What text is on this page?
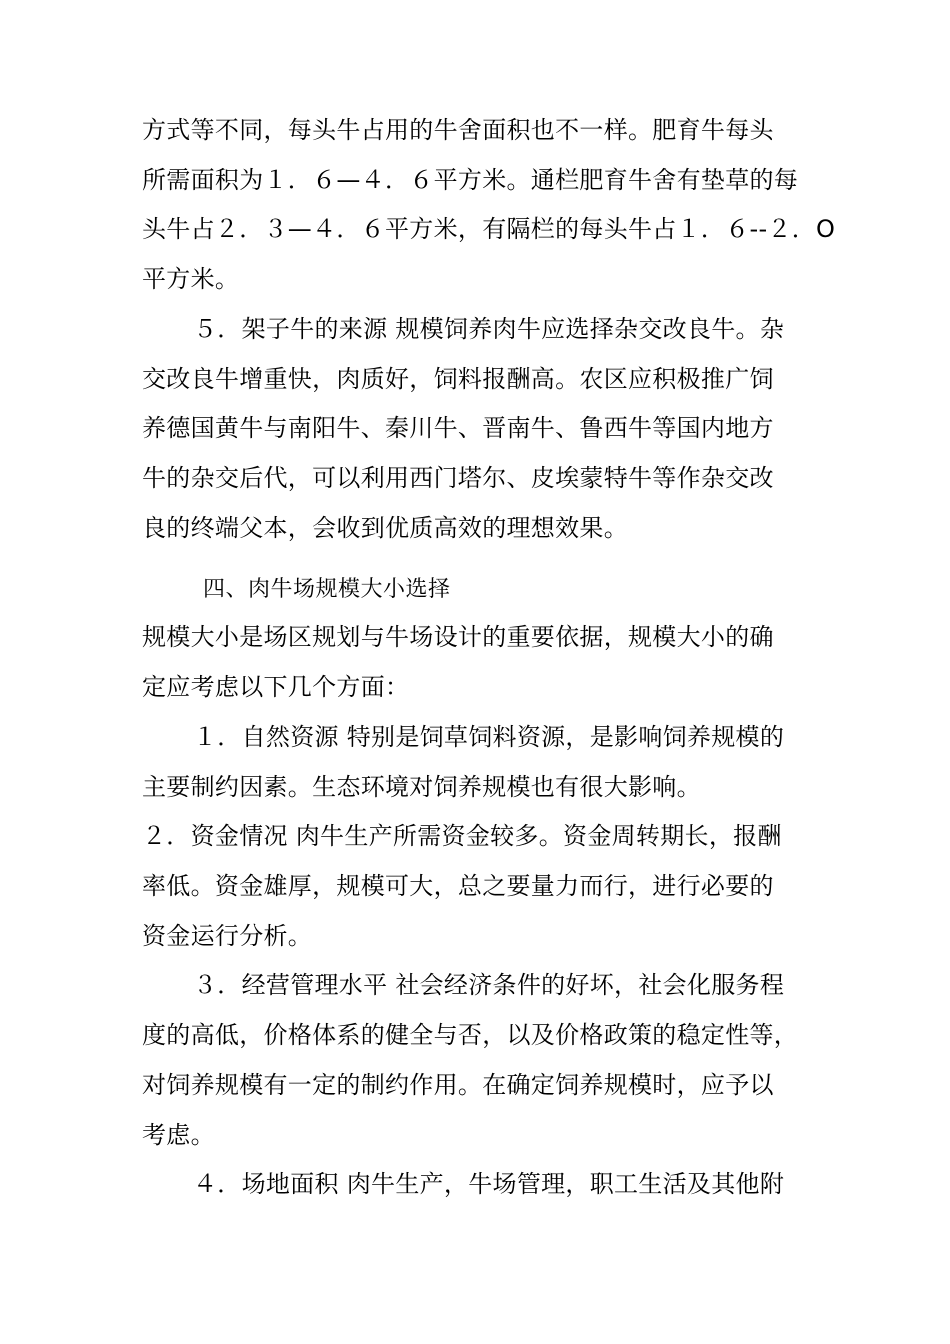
方式等不同，每头牛占用的牛舍面积也不一样。肥育牛每头
所需面积为１．６—４．６平方米。通栏肥育牛舍有垫草的每
头牛占２．３—４．６平方米，有隔栏的每头牛占１．６--２．O
平方米。
５．架子牛的来源 规模饲养肉牛应选择杂交改良牛。杂
交改良牛增重快，肉质好，饲料报酬高。农区应积极推广饲
养德国黄牛与南阳牛、秦川牛、晋南牛、鲁西牛等国内地方
牛的杂交后代，可以利用西门塔尔、皮埃蒙特牛等作杂交改
良的终端父本，会收到优质高效的理想效果。
四、肉牛场规模大小选择
规模大小是场区规划与牛场设计的重要依据，规模大小的确
定应考虑以下几个方面：
１．自然资源 特别是饲草饲料资源，是影响饲养规模的
主要制约因素。生态环境对饲养规模也有很大影响。
２．资金情况 肉牛生产所需资金较多。资金周转期长，报酬
率低。资金雄厚，规模可大，总之要量力而行，进行必要的
资金运行分析。
３．经营管理水平 社会经济条件的好坏，社会化服务程
度的高低，价格体系的健全与否，以及价格政策的稳定性等，
对饲养规模有一定的制约作用。在确定饲养规模时，应予以
考虑。
４．场地面积 肉牛生产，牛场管理，职工生活及其他附
